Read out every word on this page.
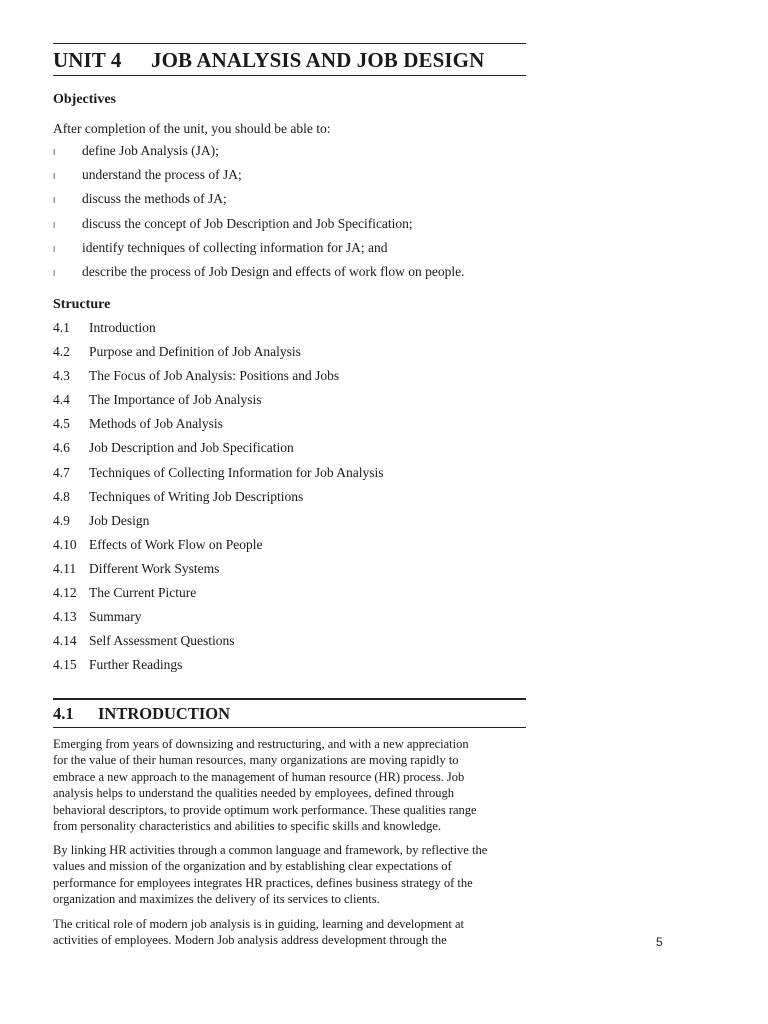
UNIT 4 JOB ANALYSIS AND JOB DESIGN
Objectives
After completion of the unit, you should be able to:
l define Job Analysis (JA);
l understand the process of JA;
l discuss the methods of JA;
l discuss the concept of Job Description and Job Specification;
l identify techniques of collecting information for JA; and
l describe the process of Job Design and effects of work flow on people.
Structure
4.1 Introduction
4.2 Purpose and Definition of Job Analysis
4.3 The Focus of Job Analysis: Positions and Jobs
4.4 The Importance of Job Analysis
4.5 Methods of Job Analysis
4.6 Job Description and Job Specification
4.7 Techniques of Collecting Information for Job Analysis
4.8 Techniques of Writing Job Descriptions
4.9 Job Design
4.10 Effects of Work Flow on People
4.11 Different Work Systems
4.12 The Current Picture
4.13 Summary
4.14 Self Assessment Questions
4.15 Further Readings
4.1 INTRODUCTION
Emerging from years of downsizing and restructuring, and with a new appreciation
for the value of their human resources, many organizations are moving rapidly to
embrace a new approach to the management of human resource (HR) process. Job
analysis helps to understand the qualities needed by employees, defined through
behavioral descriptors, to provide optimum work performance. These qualities range
from personality characteristics and abilities to specific skills and knowledge.
By linking HR activities through a common language and framework, by reflective the
values and mission of the organization and by establishing clear expectations of
performance for employees integrates HR practices, defines business strategy of the
organization and maximizes the delivery of its services to clients.
The critical role of modern job analysis is in guiding, learning and development at
activities of employees. Modern Job analysis address development through the	5
